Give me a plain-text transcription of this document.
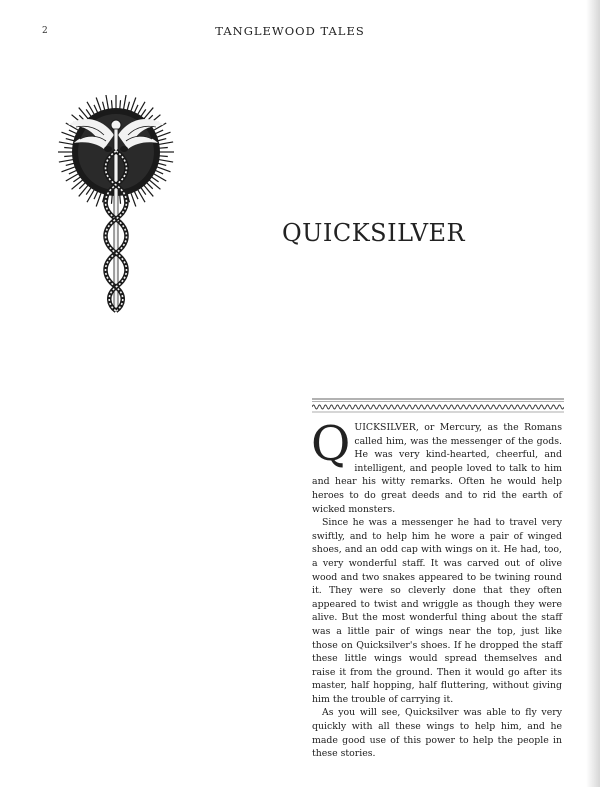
2	TANGLEWOOD TALES
QUICKSILVER

QUICKSILVER, or Mercury, as the Romans called him, was the messenger of the gods. He was very kind-hearted, cheerful, and intelligent, and people loved to talk to him and hear his witty remarks. Often he would help heroes to do great deeds and to rid the earth of wicked monsters.

Since he was a messenger he had to travel very swiftly, and to help him he wore a pair of winged shoes, and an odd cap with wings on it. He had, too, a very wonderful staff. It was carved out of olive wood and two snakes appeared to be twining round it. They were so cleverly done that they often appeared to twist and wriggle as though they were alive. But the most wonderful thing about the staff was a little pair of wings near the top, just like those on Quicksilver's shoes. If he dropped the staff these little wings would spread themselves and raise it from the ground. Then it would go after its master, half hopping, half fluttering, without giving him the trouble of carrying it.

As you will see, Quicksilver was able to fly very quickly with all these wings to help him, and he made good use of this power to help the people in these stories.
